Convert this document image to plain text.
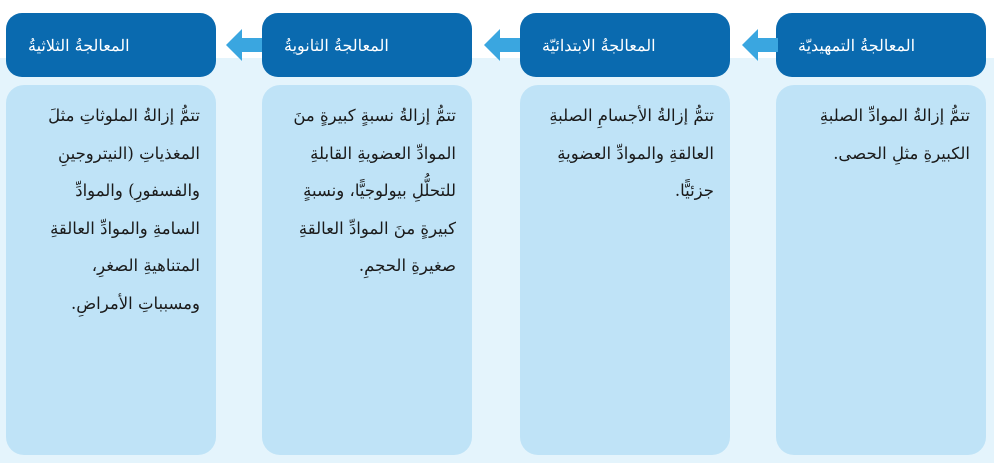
المعالجةُ التمهيديّة
تتمُّ إزالةُ الموادِّ الصلبةِ
الكبيرةِ مثلِ الحصى.
المعالجةُ الابتدائيّة
تتمُّ إزالةُ الأجسامِ الصلبةِ
العالقةِ والموادِّ العضويةِ
جزئيًّا.
المعالجةُ الثانويةُ
تتمُّ إزالةُ نسبةٍ كبيرةٍ منَ
الموادِّ العضويةِ القابلةِ
للتحلُّلِ بيولوجيًّا، ونسبةٍ
كبيرةٍ منَ الموادِّ العالقةِ
صغيرةِ الحجمِ.
المعالجةُ الثلاثيةُ
تتمُّ إزالةُ الملوثاتِ مثلَ
المغذياتِ (النيتروجينِ
والفسفورِ) والموادِّ
السامةِ والموادِّ العالقةِ
المتناهيةِ الصغرِ،
ومسبباتِ الأمراضِ.
